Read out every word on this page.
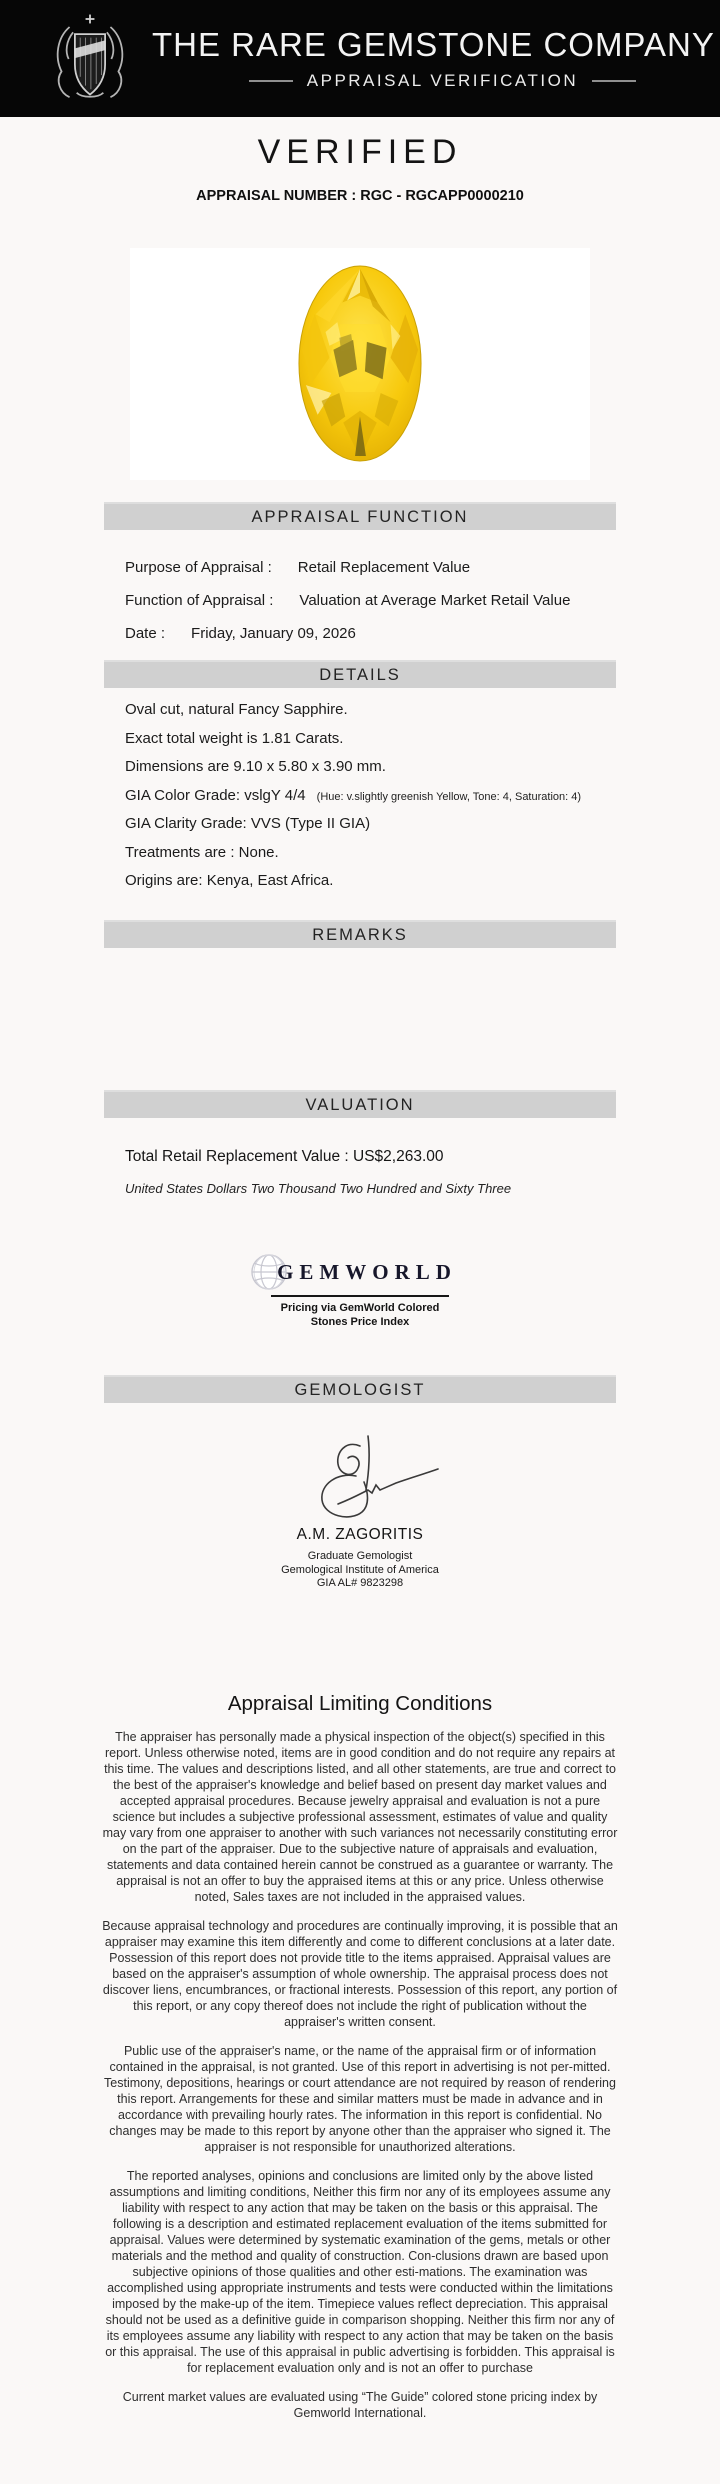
THE RARE GEMSTONE COMPANY
APPRAISAL VERIFICATION
VERIFIED
APPRAISAL NUMBER : RGC - RGCAPP0000210
APPRAISAL FUNCTION
Purpose of Appraisal : Retail Replacement Value
Function of Appraisal : Valuation at Average Market Retail Value
Date : Friday, January 09, 2026
DETAILS
Oval cut, natural Fancy Sapphire.
Exact total weight is 1.81 Carats.
Dimensions are 9.10 x 5.80 x 3.90 mm.
GIA Color Grade: vslgY 4/4 (Hue: v.slightly greenish Yellow, Tone: 4, Saturation: 4)
GIA Clarity Grade: VVS (Type II GIA)
Treatments are : None.
Origins are: Kenya, East Africa.
REMARKS
VALUATION
Total Retail Replacement Value : US$2,263.00
United States Dollars Two Thousand Two Hundred and Sixty Three
GEMWORLD
Pricing via GemWorld Colored
Stones Price Index
GEMOLOGIST
A.M. ZAGORITIS
Graduate Gemologist
Gemological Institute of America
GIA AL# 9823298
Appraisal Limiting Conditions

The appraiser has personally made a physical inspection of the object(s) specified in this report. Unless otherwise noted, items are in good condition and do not require any repairs at this time. The values and descriptions listed, and all other statements, are true and correct to the best of the appraiser's knowledge and belief based on present day market values and accepted appraisal procedures. Because jewelry appraisal and evaluation is not a pure science but includes a subjective professional assessment, estimates of value and quality may vary from one appraiser to another with such variances not necessarily constituting error on the part of the appraiser. Due to the subjective nature of appraisals and evaluation, statements and data contained herein cannot be construed as a guarantee or warranty. The appraisal is not an offer to buy the appraised items at this or any price. Unless otherwise noted, Sales taxes are not included in the appraised values.

Because appraisal technology and procedures are continually improving, it is possible that an appraiser may examine this item differently and come to different conclusions at a later date. Possession of this report does not provide title to the items appraised. Appraisal values are based on the appraiser's assumption of whole ownership. The appraisal process does not discover liens, encumbrances, or fractional interests. Possession of this report, any portion of this report, or any copy thereof does not include the right of publication without the appraiser's written consent.

Public use of the appraiser's name, or the name of the appraisal firm or of information contained in the appraisal, is not granted. Use of this report in advertising is not per-mitted. Testimony, depositions, hearings or court attendance are not required by reason of rendering this report. Arrangements for these and similar matters must be made in advance and in accordance with prevailing hourly rates. The information in this report is confidential. No changes may be made to this report by anyone other than the appraiser who signed it. The appraiser is not responsible for unauthorized alterations.

The reported analyses, opinions and conclusions are limited only by the above listed assumptions and limiting conditions, Neither this firm nor any of its employees assume any liability with respect to any action that may be taken on the basis or this appraisal. The following is a description and estimated replacement evaluation of the items submitted for appraisal. Values were determined by systematic examination of the gems, metals or other materials and the method and quality of construction. Con-clusions drawn are based upon subjective opinions of those qualities and other esti-mations. The examination was accomplished using appropriate instruments and tests were conducted within the limitations imposed by the make-up of the item. Timepiece values reflect depreciation. This appraisal should not be used as a definitive guide in comparison shopping. Neither this firm nor any of its employees assume any liability with respect to any action that may be taken on the basis or this appraisal. The use of this appraisal in public advertising is forbidden. This appraisal is for replacement evaluation only and is not an offer to purchase

Current market values are evaluated using “The Guide” colored stone pricing index by Gemworld International.
